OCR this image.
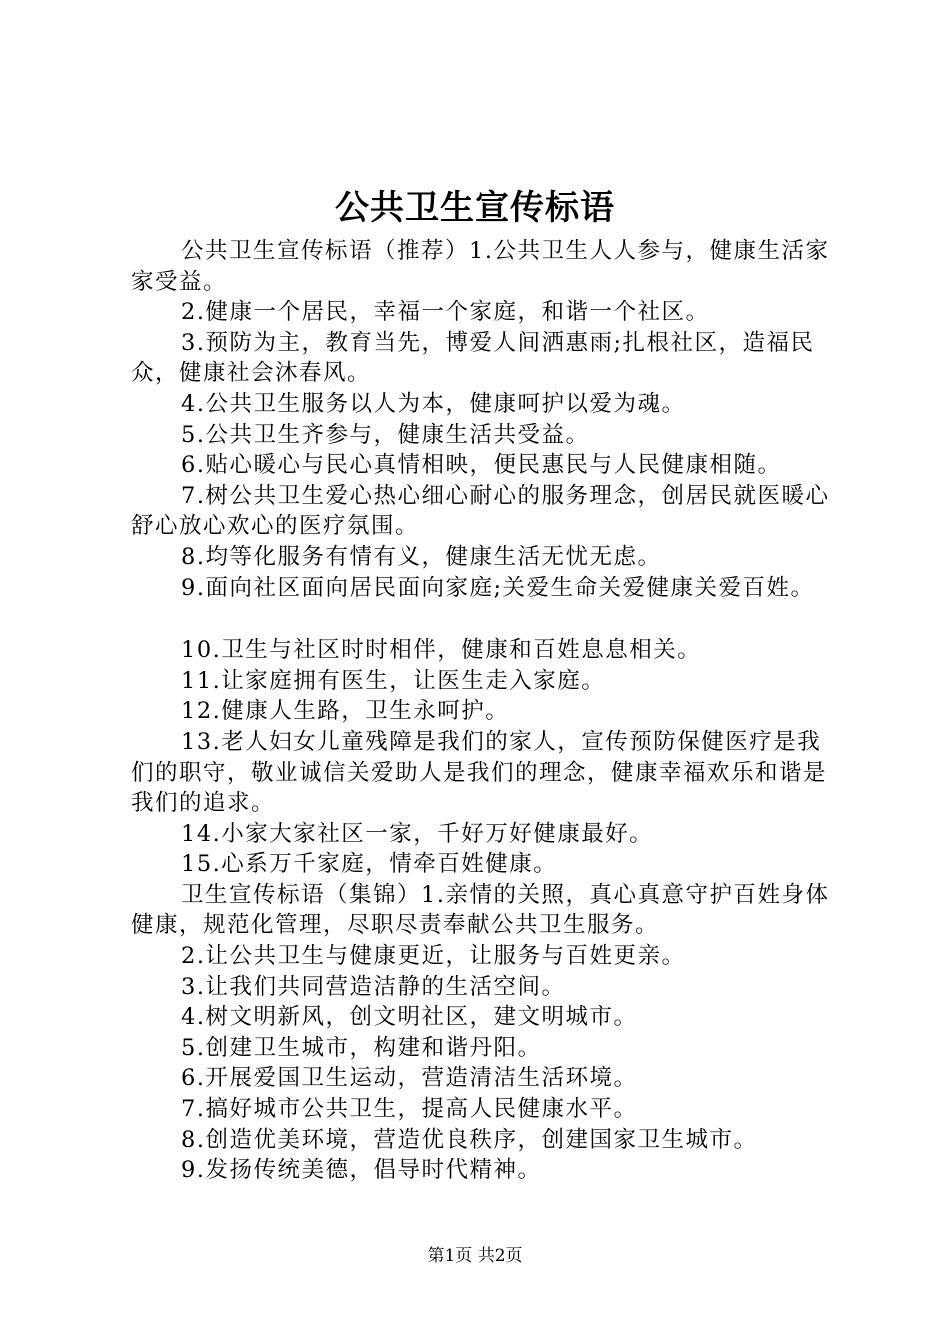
公共卫生宣传标语

公共卫生宣传标语（推荐）1.公共卫生人人参与，健康生活家家受益。

2.健康一个居民，幸福一个家庭，和谐一个社区。

3.预防为主，教育当先，博爱人间洒惠雨;扎根社区，造福民众，健康社会沐春风。

4.公共卫生服务以人为本，健康呵护以爱为魂。

5.公共卫生齐参与，健康生活共受益。

6.贴心暖心与民心真情相映，便民惠民与人民健康相随。

7.树公共卫生爱心热心细心耐心的服务理念，创居民就医暖心舒心放心欢心的医疗氛围。

8.均等化服务有情有义，健康生活无忧无虑。

9.面向社区面向居民面向家庭;关爱生命关爱健康关爱百姓。

10.卫生与社区时时相伴，健康和百姓息息相关。

11.让家庭拥有医生，让医生走入家庭。

12.健康人生路，卫生永呵护。

13.老人妇女儿童残障是我们的家人，宣传预防保健医疗是我们的职守，敬业诚信关爱助人是我们的理念，健康幸福欢乐和谐是我们的追求。

14.小家大家社区一家，千好万好健康最好。

15.心系万千家庭，情牵百姓健康。

卫生宣传标语（集锦）1.亲情的关照，真心真意守护百姓身体健康，规范化管理，尽职尽责奉献公共卫生服务。

2.让公共卫生与健康更近，让服务与百姓更亲。

3.让我们共同营造洁静的生活空间。

4.树文明新风，创文明社区，建文明城市。

5.创建卫生城市，构建和谐丹阳。

6.开展爱国卫生运动，营造清洁生活环境。

7.搞好城市公共卫生，提高人民健康水平。

8.创造优美环境，营造优良秩序，创建国家卫生城市。

9.发扬传统美德，倡导时代精神。

第1页 共2页
